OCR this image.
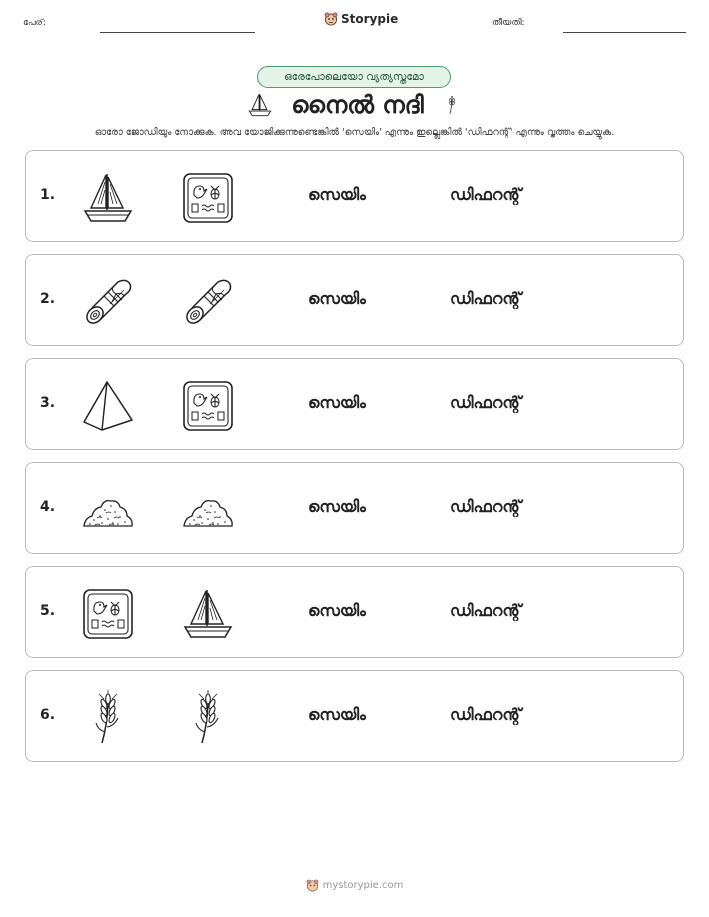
പേര്:	Storypie	തീയതി:
ഒരേപോലെയോ വ്യത്യസ്തമോ
നൈൽ നദി
ഓരോ ജോഡിയും നോക്കുക. അവ യോജിക്കുന്നുണ്ടെങ്കിൽ 'സെയിം' എന്നും ഇല്ലെങ്കിൽ 'ഡിഫറന്റ്' എന്നും വൃത്തം ചെയ്യുക.
1.	സെയിം	ഡിഫറന്റ്
2.	സെയിം	ഡിഫറന്റ്
3.	സെയിം	ഡിഫറന്റ്
4.	സെയിം	ഡിഫറന്റ്
5.	സെയിം	ഡിഫറന്റ്
6.	സെയിം	ഡിഫറന്റ്
mystorypie.com
